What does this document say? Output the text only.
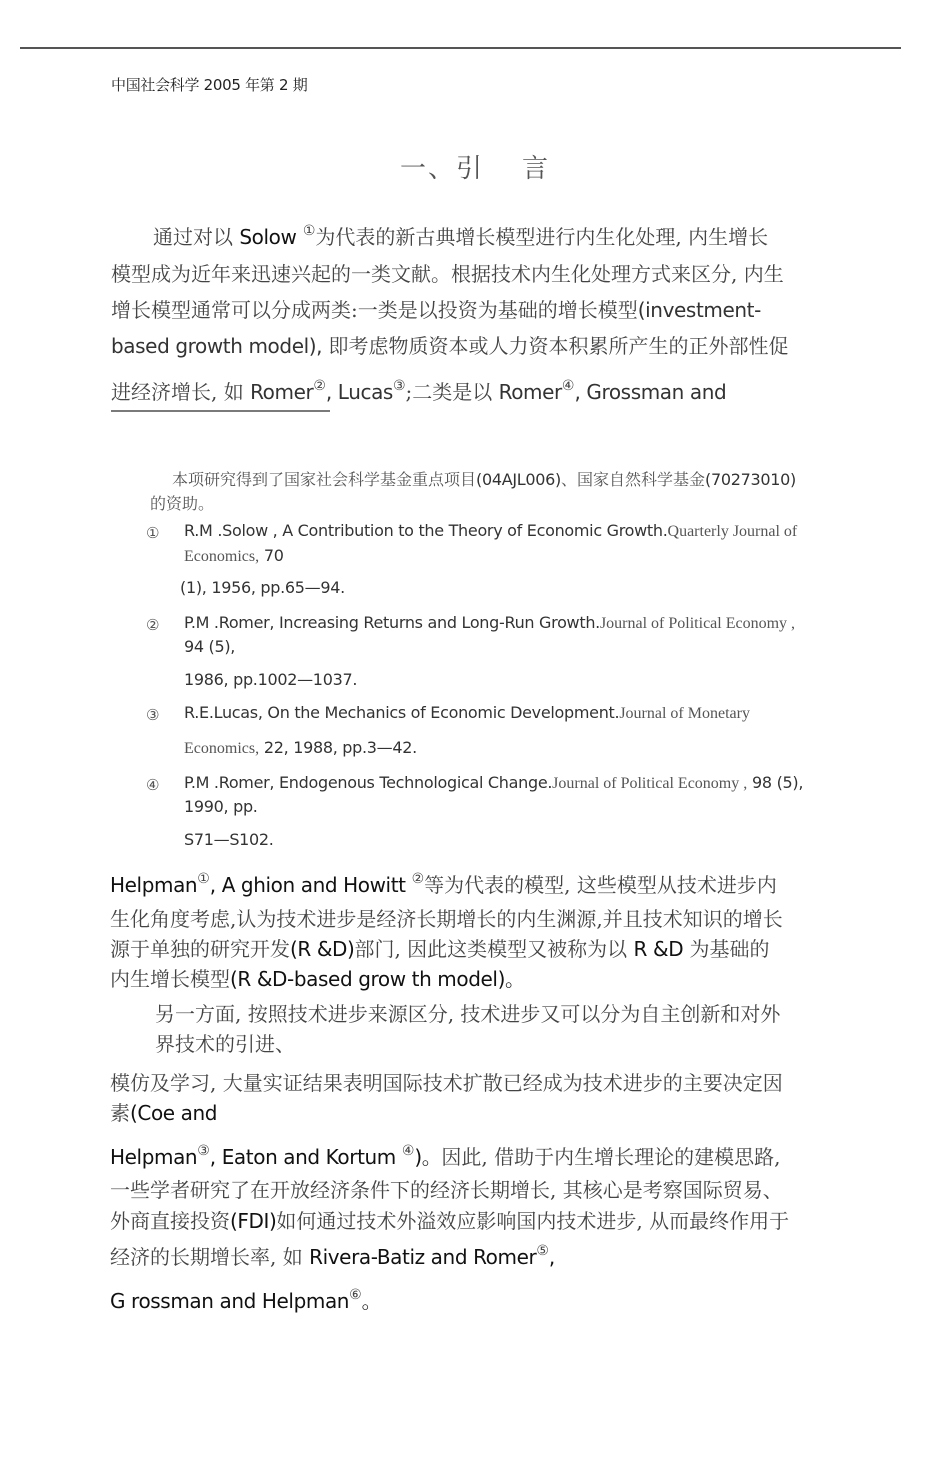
中国社会科学 2005 年第 2 期
一、引 言
通过对以 Solow ①为代表的新古典增长模型进行内生化处理, 内生增长
模型成为近年来迅速兴起的一类文献。根据技术内生化处理方式来区分, 内生
增长模型通常可以分成两类:一类是以投资为基础的增长模型(investment-
based growth model), 即考虑物质资本或人力资本积累所产生的正外部性促
进经济增长, 如 Romer②, Lucas③;二类是以 Romer④, Grossman and
本项研究得到了国家社会科学基金重点项目(04AJL006)、国家自然科学基金(70273010)
的资助。
① R.M .Solow , A Contribution to the Theory of Economic Growth.Quarterly Journal of
Economics, 70
(1), 1956, pp.65—94.
② P.M .Romer, Increasing Returns and Long-Run Growth.Journal of Political Economy ,
94 (5),
1986, pp.1002—1037.
③ R.E.Lucas, On the Mechanics of Economic Development.Journal of Monetary
Economics, 22, 1988, pp.3—42.
④ P.M .Romer, Endogenous Technological Change.Journal of Political Economy , 98 (5),
1990, pp.
S71—S102.
Helpman①, A ghion and Howitt ②等为代表的模型, 这些模型从技术进步内
生化角度考虑,认为技术进步是经济长期增长的内生渊源,并且技术知识的增长
源于单独的研究开发(R &D)部门, 因此这类模型又被称为以 R &D 为基础的
内生增长模型(R &D-based grow th model)。
另一方面, 按照技术进步来源区分, 技术进步又可以分为自主创新和对外
界技术的引进、
模仿及学习, 大量实证结果表明国际技术扩散已经成为技术进步的主要决定因
素(Coe and
Helpman③, Eaton and Kortum ④)。因此, 借助于内生增长理论的建模思路,
一些学者研究了在开放经济条件下的经济长期增长, 其核心是考察国际贸易、
外商直接投资(FDI)如何通过技术外溢效应影响国内技术进步, 从而最终作用于
经济的长期增长率, 如 Rivera-Batiz and Romer⑤,
G rossman and Helpman⑥。
